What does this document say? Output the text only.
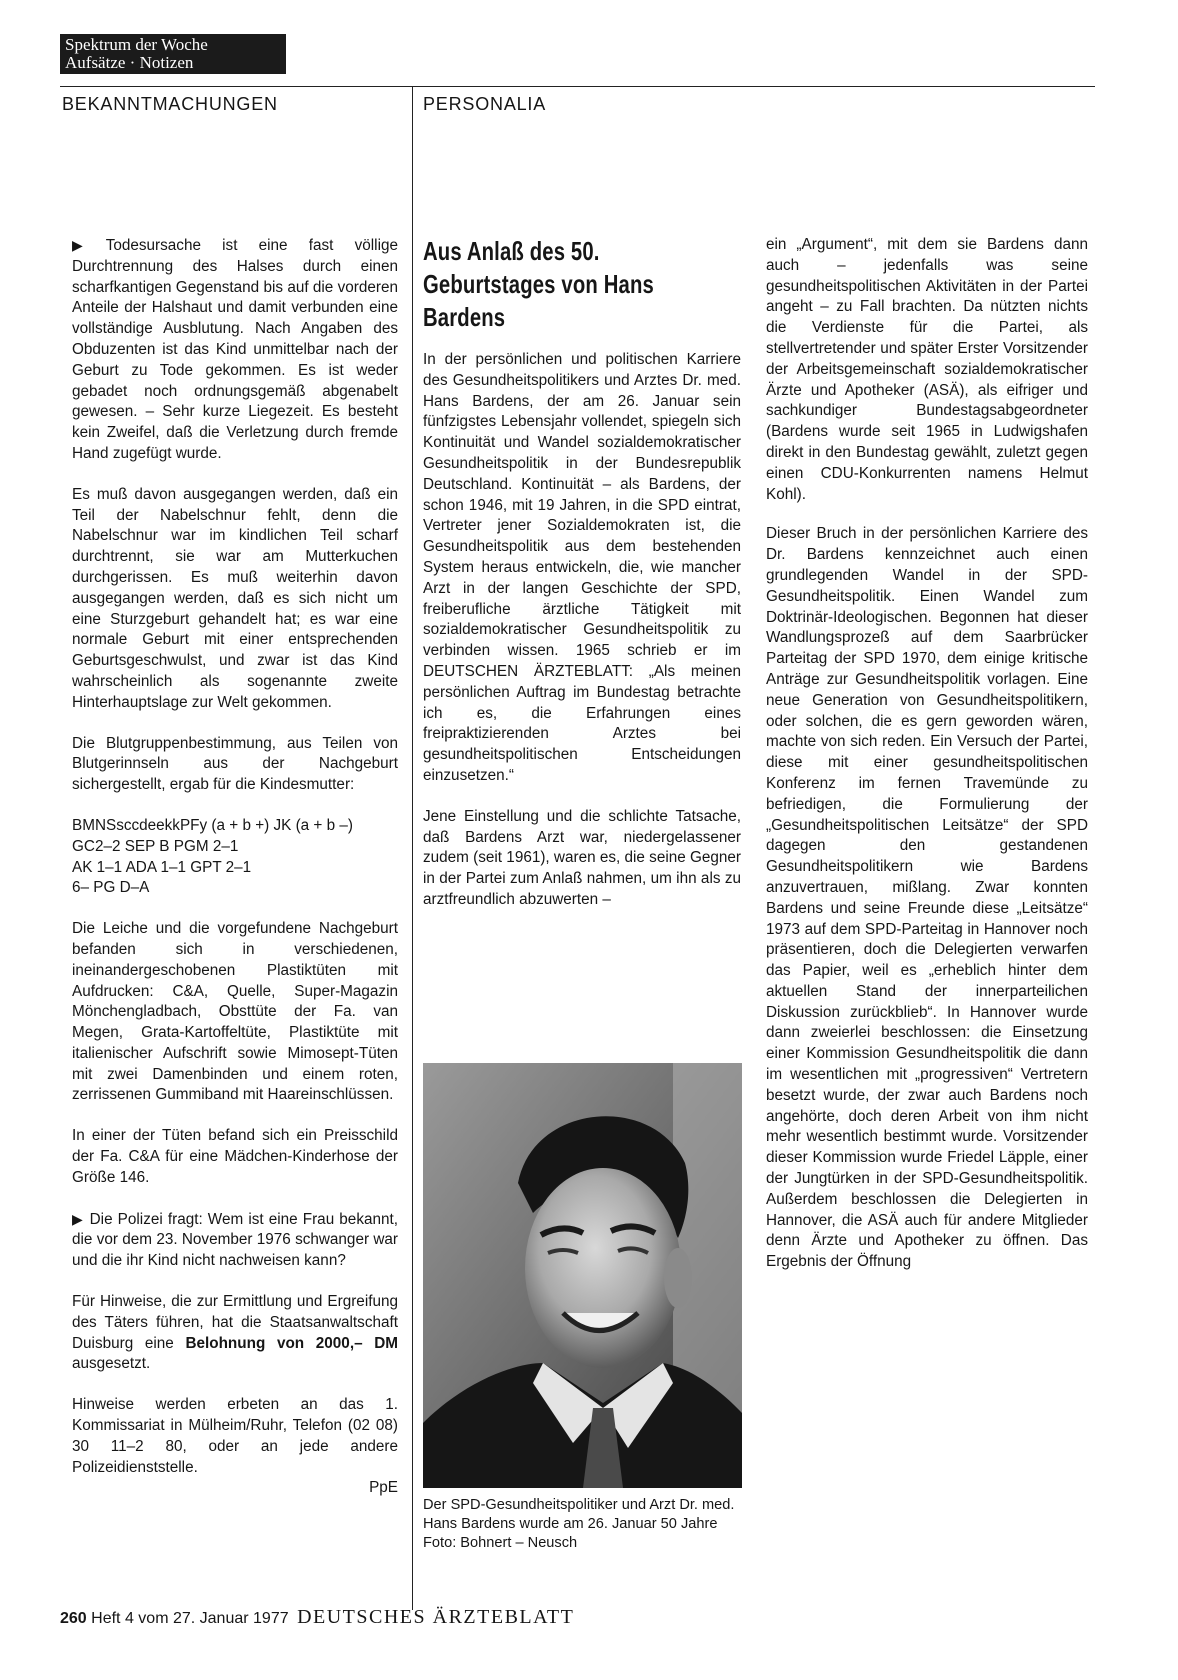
Spektrum der Woche
Aufsätze · Notizen
BEKANNTMACHUNGEN	PERSONALIA

▶ Todesursache ist eine fast völlige Durchtrennung des Halses durch einen scharfkantigen Gegenstand bis auf die vorderen Anteile der Halshaut und damit verbunden eine vollständige Ausblutung. Nach Angaben des Obduzenten ist das Kind unmittelbar nach der Geburt zu Tode gekommen. Es ist weder gebadet noch ordnungsgemäß abgenabelt gewesen. – Sehr kurze Liegezeit. Es besteht kein Zweifel, daß die Verletzung durch fremde Hand zugefügt wurde.

Es muß davon ausgegangen werden, daß ein Teil der Nabelschnur fehlt, denn die Nabelschnur war im kindlichen Teil scharf durchtrennt, sie war am Mutterkuchen durchgerissen. Es muß weiterhin davon ausgegangen werden, daß es sich nicht um eine Sturzgeburt gehandelt hat; es war eine normale Geburt mit einer entsprechenden Geburtsgeschwulst, und zwar ist das Kind wahrscheinlich als sogenannte zweite Hinterhauptslage zur Welt gekommen.

Die Blutgruppenbestimmung, aus Teilen von Blutgerinnseln aus der Nachgeburt sichergestellt, ergab für die Kindesmutter:

BMNSsccdeekkPFy (a + b +) JK (a + b –)
GC2–2 SEP B PGM 2–1
AK 1–1 ADA 1–1 GPT 2–1
6– PG D–A

Die Leiche und die vorgefundene Nachgeburt befanden sich in verschiedenen, ineinandergeschobenen Plastiktüten mit Aufdrucken: C&A, Quelle, Super-Magazin Mönchengladbach, Obsttüte der Fa. van Megen, Grata-Kartoffeltüte, Plastiktüte mit italienischer Aufschrift sowie Mimosept-Tüten mit zwei Damenbinden und einem roten, zerrissenen Gummiband mit Haareinschlüssen.

In einer der Tüten befand sich ein Preisschild der Fa. C&A für eine Mädchen-Kinderhose der Größe 146.

▶ Die Polizei fragt: Wem ist eine Frau bekannt, die vor dem 23. November 1976 schwanger war und die ihr Kind nicht nachweisen kann?

Für Hinweise, die zur Ermittlung und Ergreifung des Täters führen, hat die Staatsanwaltschaft Duisburg eine Belohnung von 2000,– DM ausgesetzt.

Hinweise werden erbeten an das 1. Kommissariat in Mülheim/Ruhr, Telefon (02 08) 30 11–2 80, oder an jede andere Polizeidienststelle.
PpE

Aus Anlaß des 50. Geburtstages von Hans Bardens

In der persönlichen und politischen Karriere des Gesundheitspolitikers und Arztes Dr. med. Hans Bardens, der am 26. Januar sein fünfzigstes Lebensjahr vollendet, spiegeln sich Kontinuität und Wandel sozialdemokratischer Gesundheitspolitik in der Bundesrepublik Deutschland. Kontinuität – als Bardens, der schon 1946, mit 19 Jahren, in die SPD eintrat, Vertreter jener Sozialdemokraten ist, die Gesundheitspolitik aus dem bestehenden System heraus entwickeln, die, wie mancher Arzt in der langen Geschichte der SPD, freiberufliche ärztliche Tätigkeit mit sozialdemokratischer Gesundheitspolitik zu verbinden wissen. 1965 schrieb er im DEUTSCHEN ÄRZTEBLATT: „Als meinen persönlichen Auftrag im Bundestag betrachte ich es, die Erfahrungen eines freipraktizierenden Arztes bei gesundheitspolitischen Entscheidungen einzusetzen.“

Jene Einstellung und die schlichte Tatsache, daß Bardens Arzt war, niedergelassener zudem (seit 1961), waren es, die seine Gegner in der Partei zum Anlaß nahmen, um ihn als zu arztfreundlich abzuwerten –

Der SPD-Gesundheitspolitiker und Arzt Dr. med. Hans Bardens wurde am 26. Januar 50 Jahre Foto: Bohnert – Neusch

ein „Argument“, mit dem sie Bardens dann auch – jedenfalls was seine gesundheitspolitischen Aktivitäten in der Partei angeht – zu Fall brachten. Da nützten nichts die Verdienste für die Partei, als stellvertretender und später Erster Vorsitzender der Arbeitsgemeinschaft sozialdemokratischer Ärzte und Apotheker (ASÄ), als eifriger und sachkundiger Bundestagsabgeordneter (Bardens wurde seit 1965 in Ludwigshafen direkt in den Bundestag gewählt, zuletzt gegen einen CDU-Konkurrenten namens Helmut Kohl).

Dieser Bruch in der persönlichen Karriere des Dr. Bardens kennzeichnet auch einen grundlegenden Wandel in der SPD-Gesundheitspolitik. Einen Wandel zum Doktrinär-Ideologischen. Begonnen hat dieser Wandlungsprozeß auf dem Saarbrücker Parteitag der SPD 1970, dem einige kritische Anträge zur Gesundheitspolitik vorlagen. Eine neue Generation von Gesundheitspolitikern, oder solchen, die es gern geworden wären, machte von sich reden. Ein Versuch der Partei, diese mit einer gesundheitspolitischen Konferenz im fernen Travemünde zu befriedigen, die Formulierung der „Gesundheitspolitischen Leitsätze“ der SPD dagegen den gestandenen Gesundheitspolitikern wie Bardens anzuvertrauen, mißlang. Zwar konnten Bardens und seine Freunde diese „Leitsätze“ 1973 auf dem SPD-Parteitag in Hannover noch präsentieren, doch die Delegierten verwarfen das Papier, weil es „erheblich hinter dem aktuellen Stand der innerparteilichen Diskussion zurückblieb“. In Hannover wurde dann zweierlei beschlossen: die Einsetzung einer Kommission Gesundheitspolitik die dann im wesentlichen mit „progressiven“ Vertretern besetzt wurde, der zwar auch Bardens noch angehörte, doch deren Arbeit von ihm nicht mehr wesentlich bestimmt wurde. Vorsitzender dieser Kommission wurde Friedel Läpple, einer der Jungtürken in der SPD-Gesundheitspolitik. Außerdem beschlossen die Delegierten in Hannover, die ASÄ auch für andere Mitglieder denn Ärzte und Apotheker zu öffnen. Das Ergebnis der Öffnung

260 Heft 4 vom 27. Januar 1977 DEUTSCHES ÄRZTEBLATT
